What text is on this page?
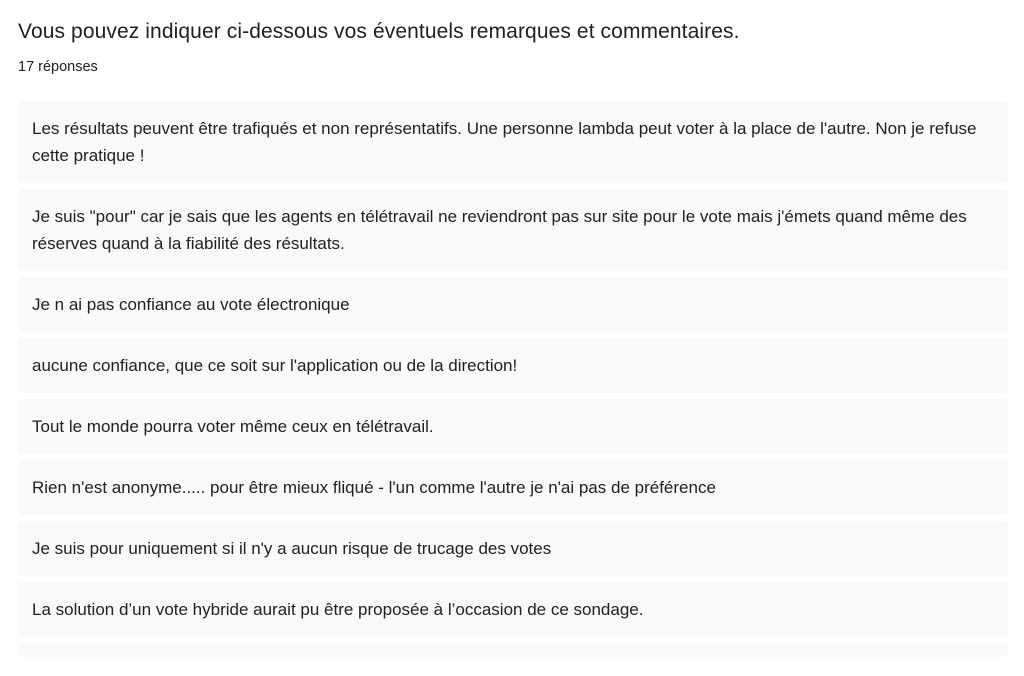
Vous pouvez indiquer ci-dessous vos éventuels remarques et commentaires.
17 réponses
Les résultats peuvent être trafiqués et non représentatifs. Une personne lambda peut voter à la place de l'autre. Non je refuse cette pratique !
Je suis "pour" car je sais que les agents en télétravail ne reviendront pas sur site pour le vote mais j'émets quand même des réserves quand à la fiabilité des résultats.
Je n ai pas confiance au vote électronique
aucune confiance, que ce soit sur l'application ou de la direction!
Tout le monde pourra voter même ceux en télétravail.
Rien n'est anonyme..... pour être mieux fliqué - l'un comme l'autre je n'ai pas de préférence
Je suis pour uniquement si il n'y a aucun risque de trucage des votes
La solution d’un vote hybride aurait pu être proposée à l’occasion de ce sondage.
